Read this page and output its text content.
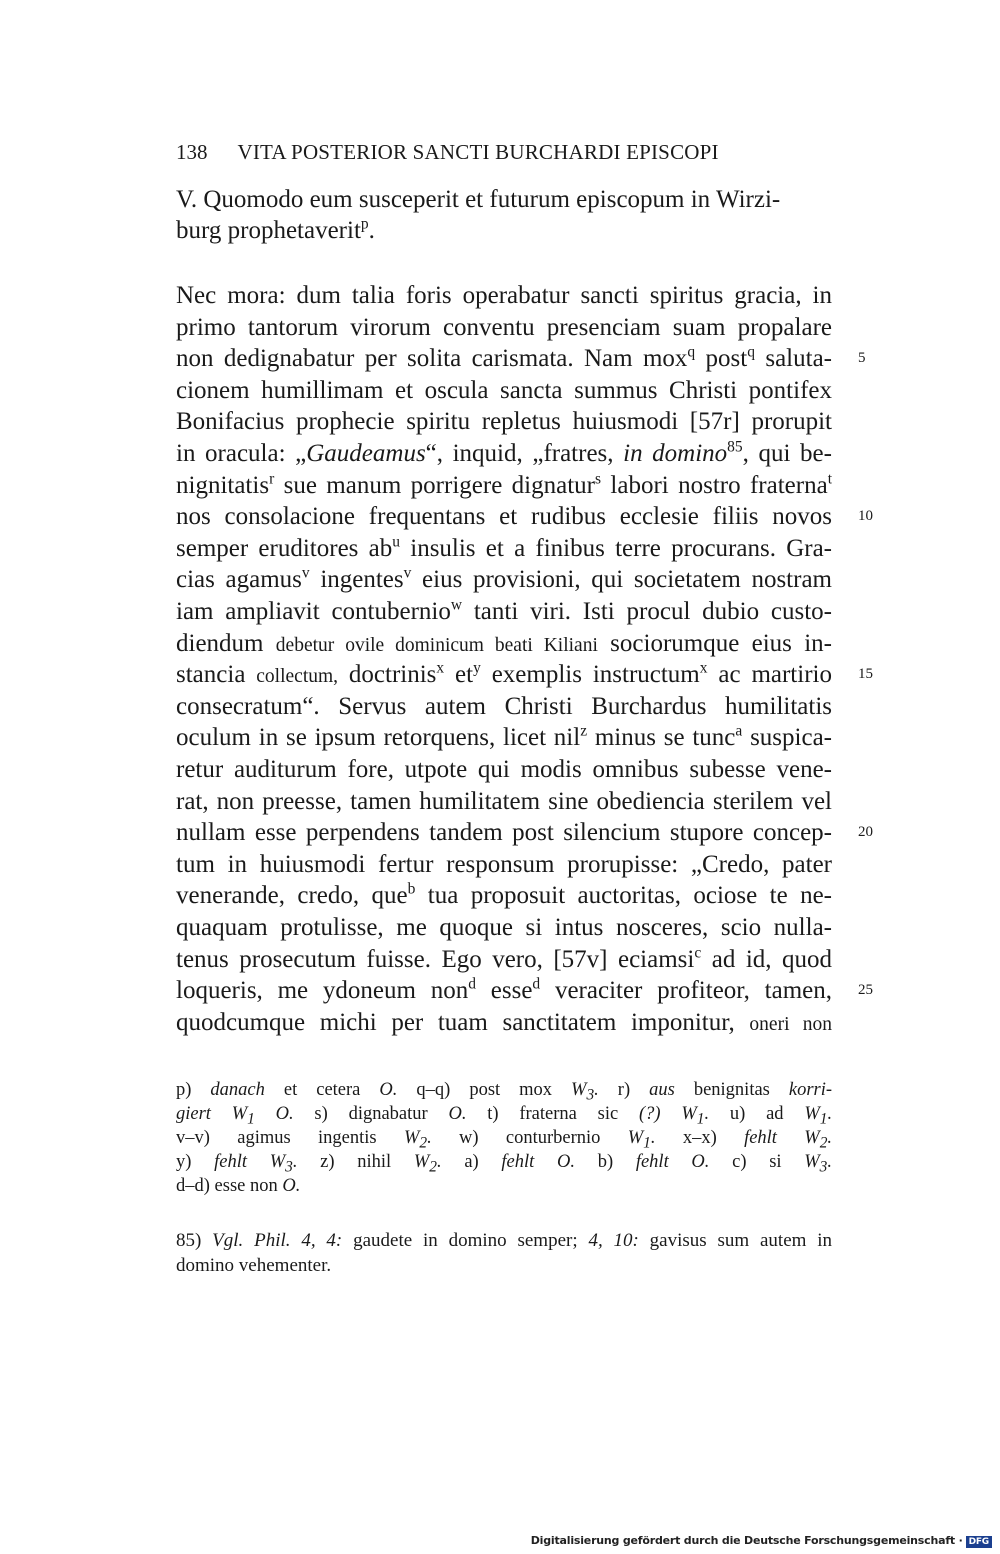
138 VITA POSTERIOR SANCTI BURCHARDI EPISCOPI
V. Quomodo eum susceperit et futurum episcopum in Wirzi-
burg prophetaverit$^p$.
Nec mora: dum talia foris operabatur sancti spiritus gracia, in
primo tantorum virorum conventu presenciam suam propalare
non dedignabatur per solita carismata. Nam mox$^q$ post$^q$ saluta- 5
cionem humillimam et oscula sancta summus Christi pontifex
Bonifacius prophecie spiritu repletus huiusmodi [57r] prorupit
in oracula: „Gaudeamus“, inquid, „fratres, in domino$^{85}$, qui be-
nignitatis$^r$ sue manum porrigere dignatur$^s$ labori nostro fraterna$^t$
nos consolacione frequentans et rudibus ecclesie filiis novos 10
semper eruditores $ab^u$ insulis et a finibus terre procurans. Gra-
cias agamus$^v$ ingentes$^v$ eius provisioni, qui societatem nostram
iam ampliavit contubernio$^w$ tanti viri. Isti procul dubio custo-
diendum debetur ovile dominicum beati Kiliani sociorumque eius in-
stancia collectum, doctrinis$^x$ $et^y$ exemplis instructum$^x$ ac martirio 15
consecratum“. Servus autem Christi Burchardus humilitatis
oculum in se ipsum retorquens, licet nil$^z$ minus se tunc$^a$ suspica-
retur auditurum fore, utpote qui modis omnibus subesse vene-
rat, non preesse, tamen humilitatem sine obediencia sterilem vel
nullam esse perpendens tandem post silencium stupore concep- 20
tum in huiusmodi fertur responsum prorupisse: „Credo, pater
venerande, credo, que$^b$ tua proposuit auctoritas, ociose te ne-
quaquam protulisse, me quoque si intus nosceres, scio nulla-
tenus prosecutum fuisse. Ego vero, [57v] eciamsi$^c$ ad id, quod
loqueris, me ydoneum non$^d$ esse$^d$ veraciter profiteor, tamen, 25
quodcumque michi per tuam sanctitatem imponitur, oneri non
p) danach et cetera O. q–q) post mox $W_3$. r) aus benignitas korri-
giert $W_1$ O. s) dignabatur O. t) fraterna sic (?) $W_1$. u) ad $W_1$.
v–v) agimus ingentis $W_2$. w) conturbernio $W_1$. x–x) fehlt $W_2$.
y) fehlt $W_3$. z) nihil $W_2$. a) fehlt O. b) fehlt O. c) si $W_3$.
d–d) esse non O.
85) Vgl. Phil. 4, 4: gaudete in domino semper; 4, 10: gavisus sum autem in
domino vehementer.
Digitalisierung gefördert durch die Deutsche Forschungsgemeinschaft · DFG
